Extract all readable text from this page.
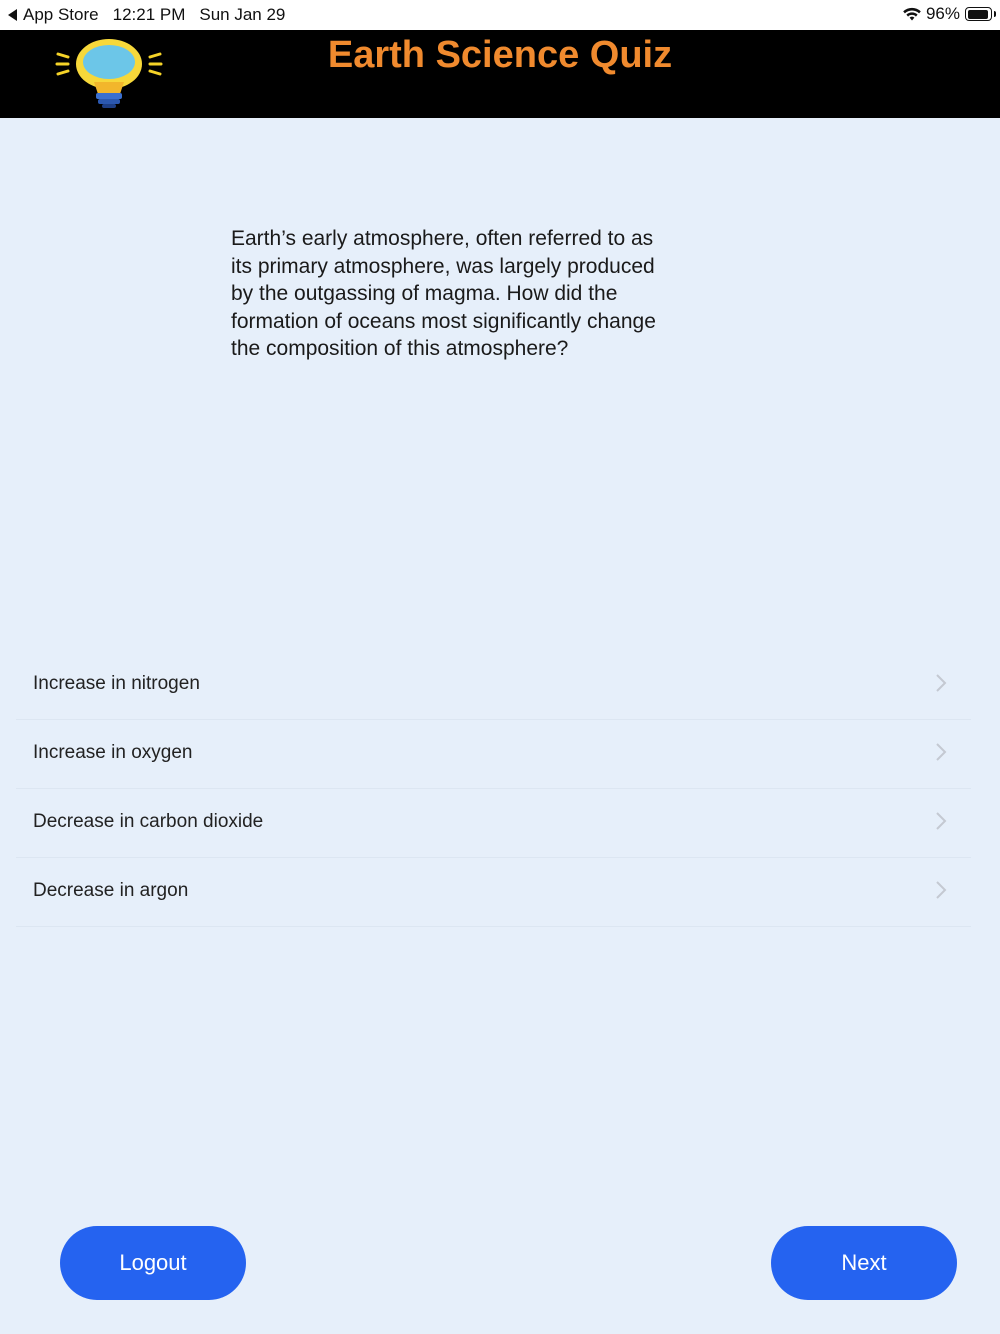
App Store 12:21 PM Sun Jan 29	96%
Earth Science Quiz
Earth’s early atmosphere, often referred to as its primary atmosphere, was largely produced by the outgassing of magma. How did the formation of oceans most significantly change the composition of this atmosphere?
Increase in nitrogen
Increase in oxygen
Decrease in carbon dioxide
Decrease in argon
Logout	Next
